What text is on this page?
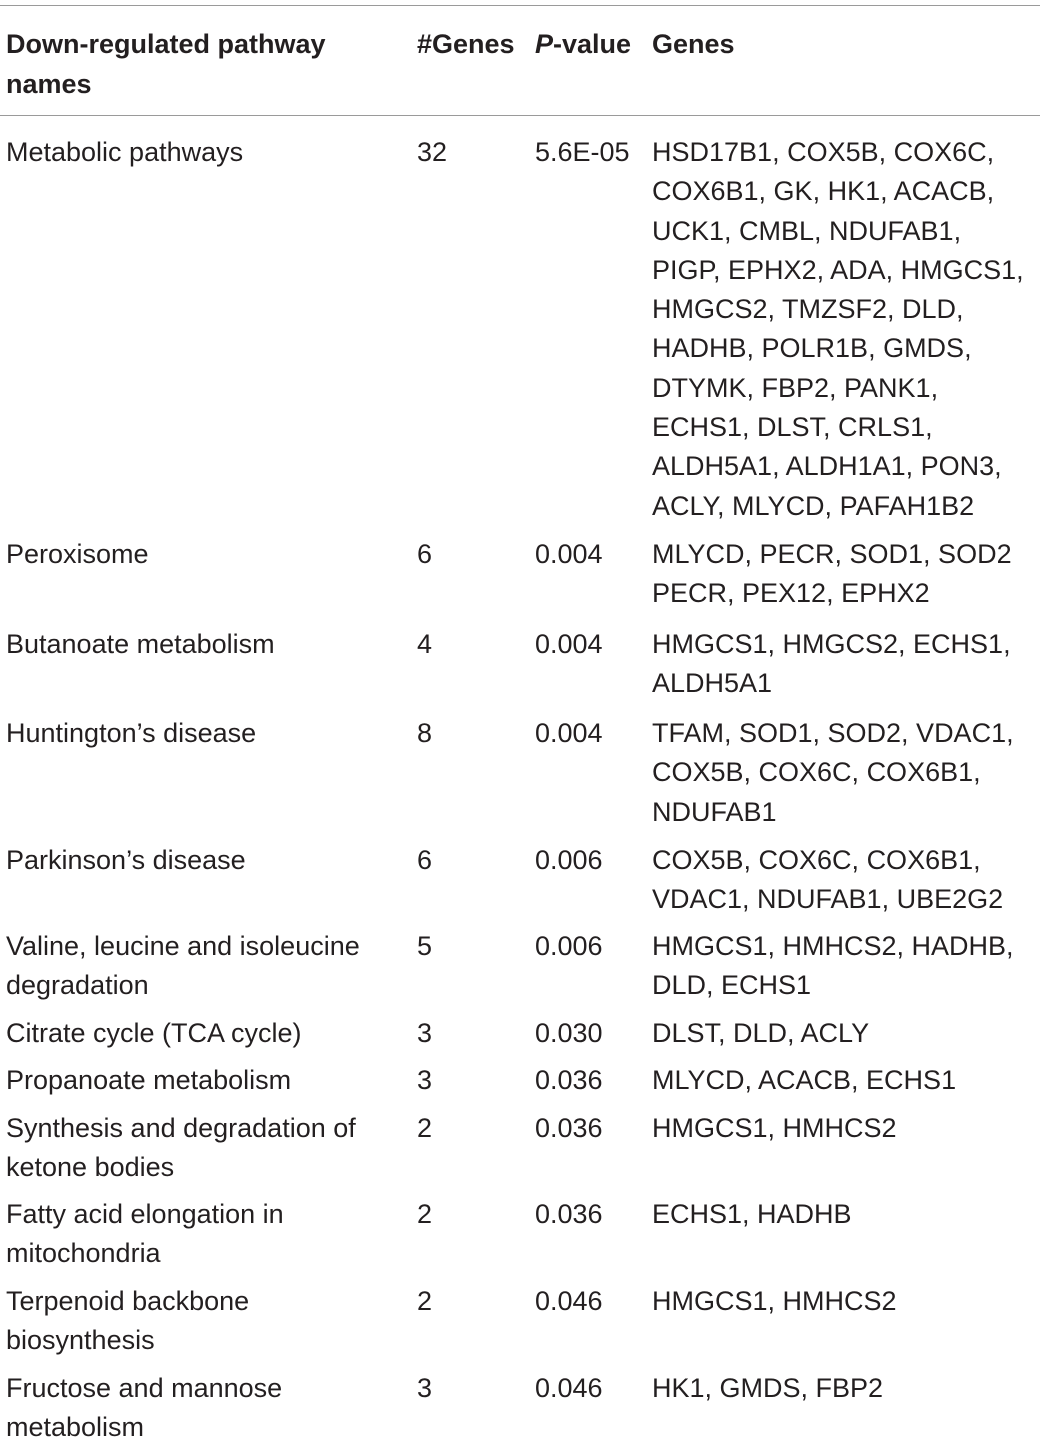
Down-regulated pathway
names
#Genes P-value Genes
Metabolic pathways	32	5.6E-05 HSD17B1, COX5B, COX6C,
COX6B1, GK, HK1, ACACB,
UCK1, CMBL, NDUFAB1,
PIGP, EPHX2, ADA, HMGCS1,
HMGCS2, TMZSF2, DLD,
HADHB, POLR1B, GMDS,
DTYMK, FBP2, PANK1,
ECHS1, DLST, CRLS1,
ALDH5A1, ALDH1A1, PON3,
ACLY, MLYCD, PAFAH1B2
Peroxisome	6	0.004 MLYCD, PECR, SOD1, SOD2
PECR, PEX12, EPHX2
Butanoate metabolism	4	0.004 HMGCS1, HMGCS2, ECHS1,
ALDH5A1
Huntington’s disease	8	0.004 TFAM, SOD1, SOD2, VDAC1,
COX5B, COX6C, COX6B1,
NDUFAB1
Parkinson’s disease	6	0.006 COX5B, COX6C, COX6B1,
VDAC1, NDUFAB1, UBE2G2
Valine, leucine and isoleucine
degradation
5	0.006 HMGCS1, HMHCS2, HADHB,
DLD, ECHS1
Citrate cycle (TCA cycle)	3	0.030 DLST, DLD, ACLY
Propanoate metabolism	3	0.036 MLYCD, ACACB, ECHS1
Synthesis and degradation of
ketone bodies
2	0.036 HMGCS1, HMHCS2
Fatty acid elongation in
mitochondria
2	0.036 ECHS1, HADHB
Terpenoid backbone
biosynthesis
2	0.046 HMGCS1, HMHCS2
Fructose and mannose
metabolism
3	0.046 HK1, GMDS, FBP2
